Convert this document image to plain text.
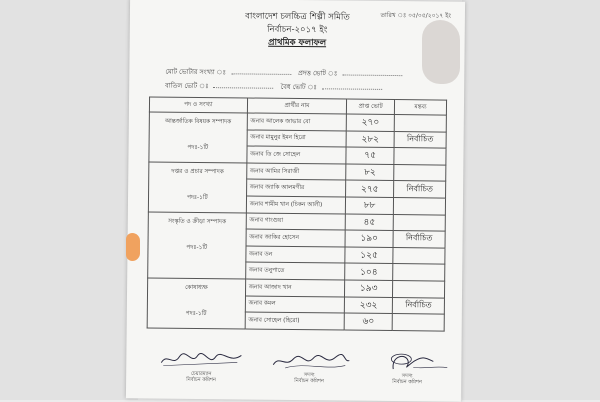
তারিখ ঃ ০৫/০৫/২০১৭ ইং
বাংলাদেশ চলচ্চিত্র শিল্পী সমিতি
নির্বাচন-২০১৭ ইং
প্রাথমিক ফলাফল
মোট ভোটার সংখ্যা ঃ	প্রদত্ত ভোট ঃ
বাতিল ভোট ঃ	বৈধ ভোট ঃ
পদ ও সংখ্যা	প্রার্থীর নাম	প্রাপ্ত ভোট	মন্তব্য

আন্তর্জাতিক বিষয়ক সম্পাদক
পদঃ-১টি	জনাব আলেক জাভার বো	২৭০	
	জনাব মামুনুর ইমন হিরো	২৮২	নির্বাচিত
	জনাব ডি জে সোহেল	৭৫	

দপ্তর ও প্রচার সম্পাদক
পদঃ-১টি	জনাব আমির সিরাজী	৮২	
	জনাব জ্যাকি আলমগীর	২৭৫	নির্বাচিত
	জনাব শামীম খান (চিকন আলী)	৮৮	

সংস্কৃতি ও ক্রীড়া সম্পাদক
পদঃ-১টি	জনাব গাংগুয়া	৪৫	
	জনাব জাকির হোসেন	১৯০	নির্বাচিত
	জনাব ডন	১২৫	
	জনাব তনুপাতে	১০৪	

কোষাধ্যক্ষ
পদঃ-১টি	জনাব আজাদ খান	১৯৩	
	জনাব কমল	২৩২	নির্বাচিত
	জনাব সোহেল (হিরো)	৬০	
চেয়ারম্যান
নির্বাচন কমিশন
সদস্য
নির্বাচন কমিশন
সদস্য
নির্বাচন কমিশন
